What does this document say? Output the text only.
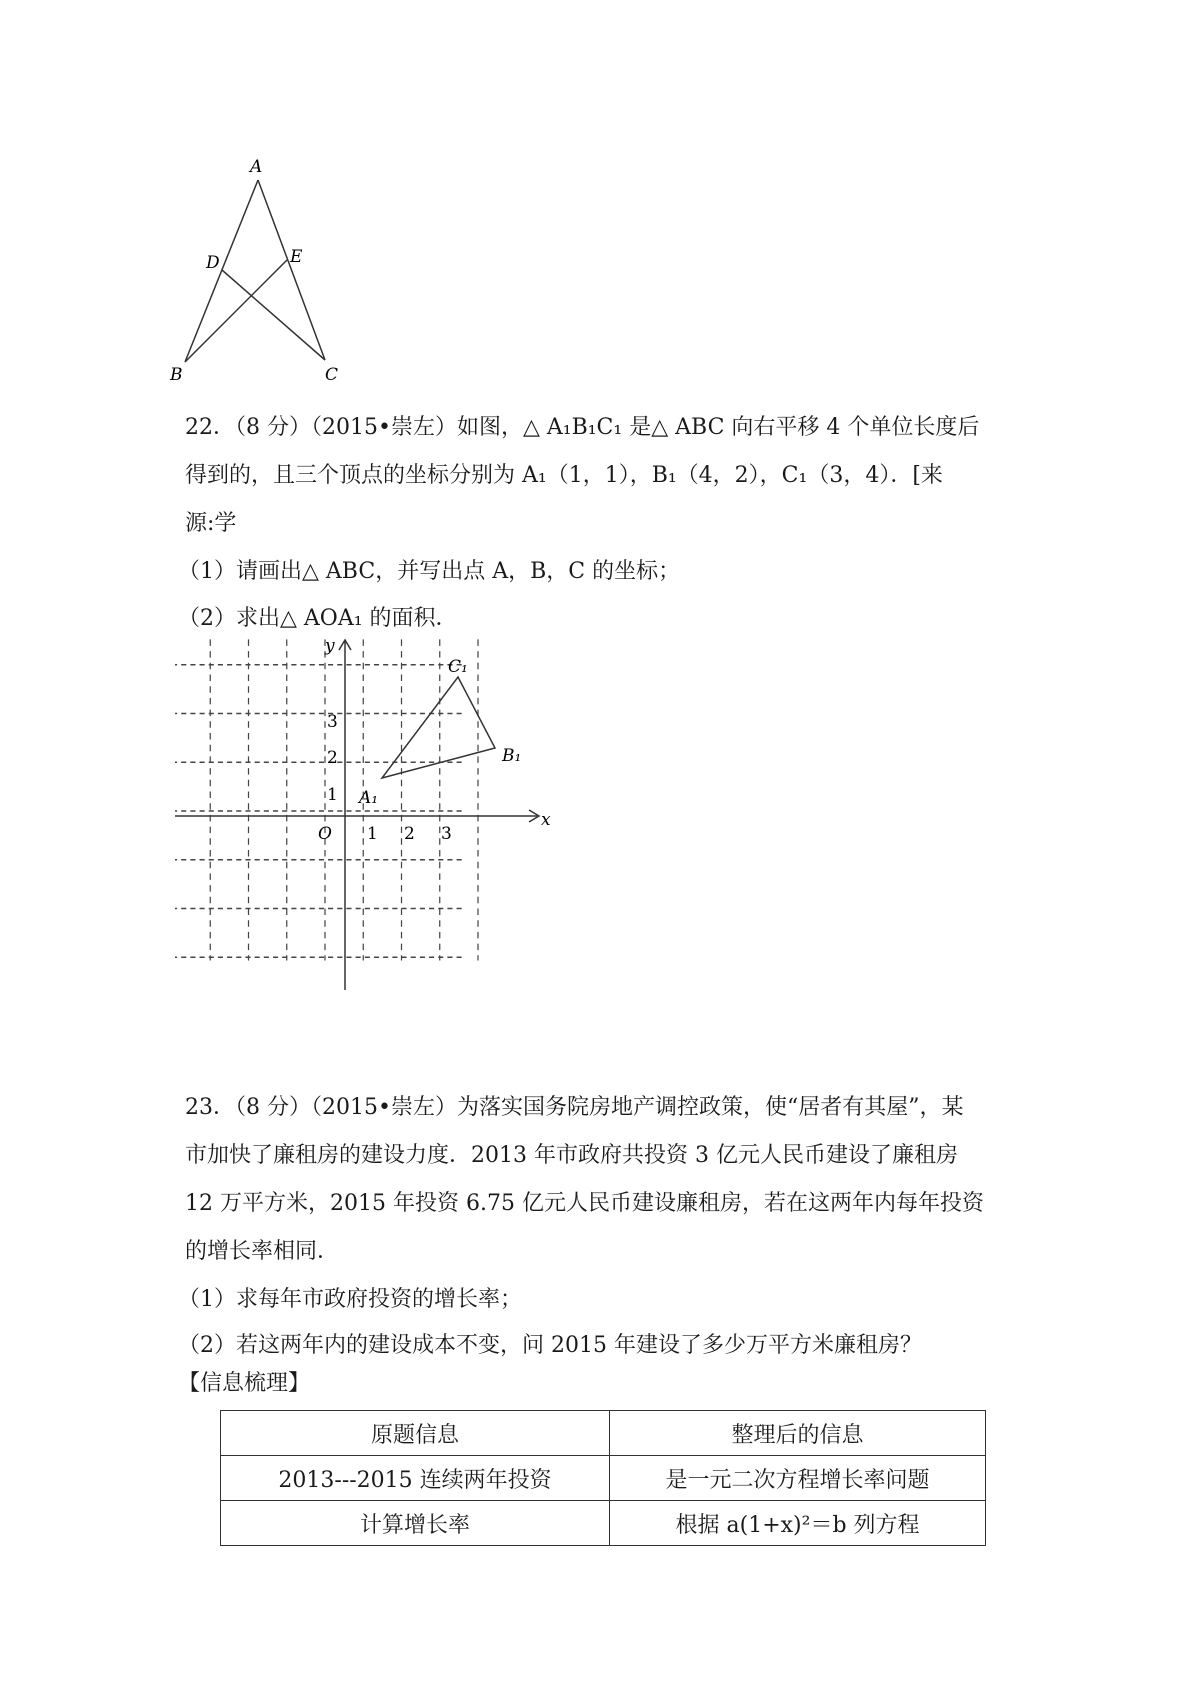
A
B	C
D	E
22．（8 分）（2015•崇左）如图，△ A₁B₁C₁ 是△ ABC 向右平移 4 个单位长度后
得到的，且三个顶点的坐标分别为 A₁（1，1），B₁（4，2），C₁（3，4）．[来
源:学
（1）请画出△ ABC，并写出点 A，B，C 的坐标；
（2）求出△ AOA₁ 的面积．
x
y
O 1 2 3
1
2
3
A₁
B₁
C₁
23．（8 分）（2015•崇左）为落实国务院房地产调控政策，使“居者有其屋”，某
市加快了廉租房的建设力度．2013 年市政府共投资 3 亿元人民币建设了廉租房
12 万平方米，2015 年投资 6.75 亿元人民币建设廉租房，若在这两年内每年投资
的增长率相同．
（1）求每年市政府投资的增长率；
（2）若这两年内的建设成本不变，问 2015 年建设了多少万平方米廉租房？
【信息梳理】
原题信息	整理后的信息
2013---2015 连续两年投资	是一元二次方程增长率问题
计算增长率	根据 a(1+x)²＝b 列方程
